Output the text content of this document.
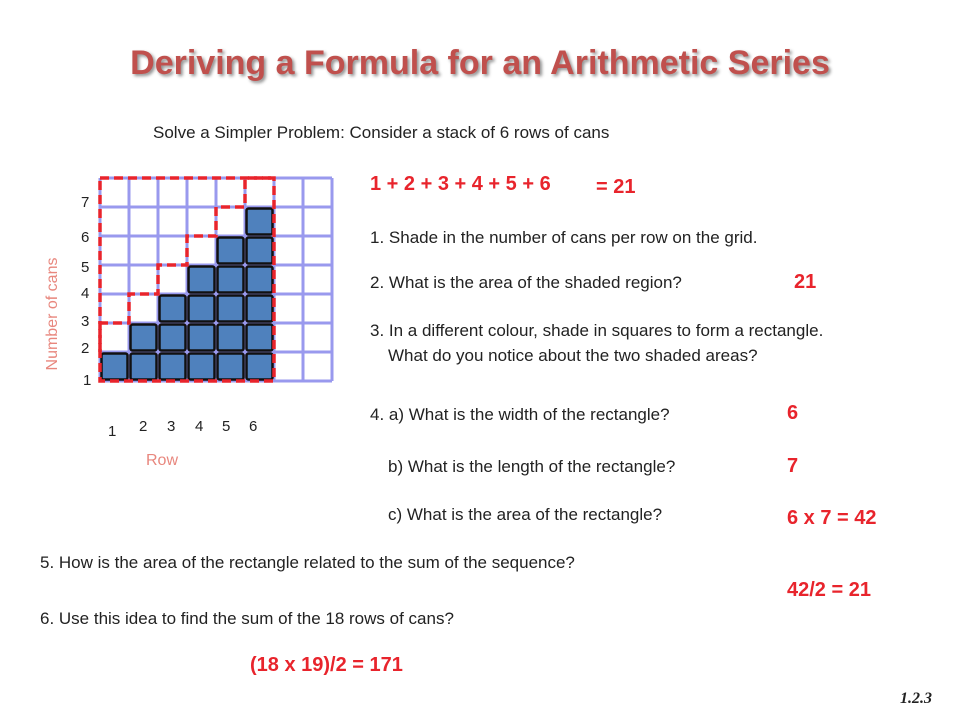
Deriving a Formula for an Arithmetic Series
Solve a Simpler Problem: Consider a stack of 6 rows of cans
1 + 2 + 3 + 4 + 5 + 6 = 21
Row
Number of cans
1 2 3 4 5 6
1
2
3
4
5
6
7
1. Shade in the number of cans per row on the grid.
2. What is the area of the shaded region?	21
3. In a different colour, shade in squares to form a rectangle.
What do you notice about the two shaded areas?
4. a) What is the width of the rectangle?	6
b) What is the length of the rectangle?	7
c) What is the area of the rectangle?	6 x 7 = 42
5. How is the area of the rectangle related to the sum of the sequence?
42/2 = 21
6. Use this idea to find the sum of the 18 rows of cans?
(18 x 19)/2 = 171
1.2.3
